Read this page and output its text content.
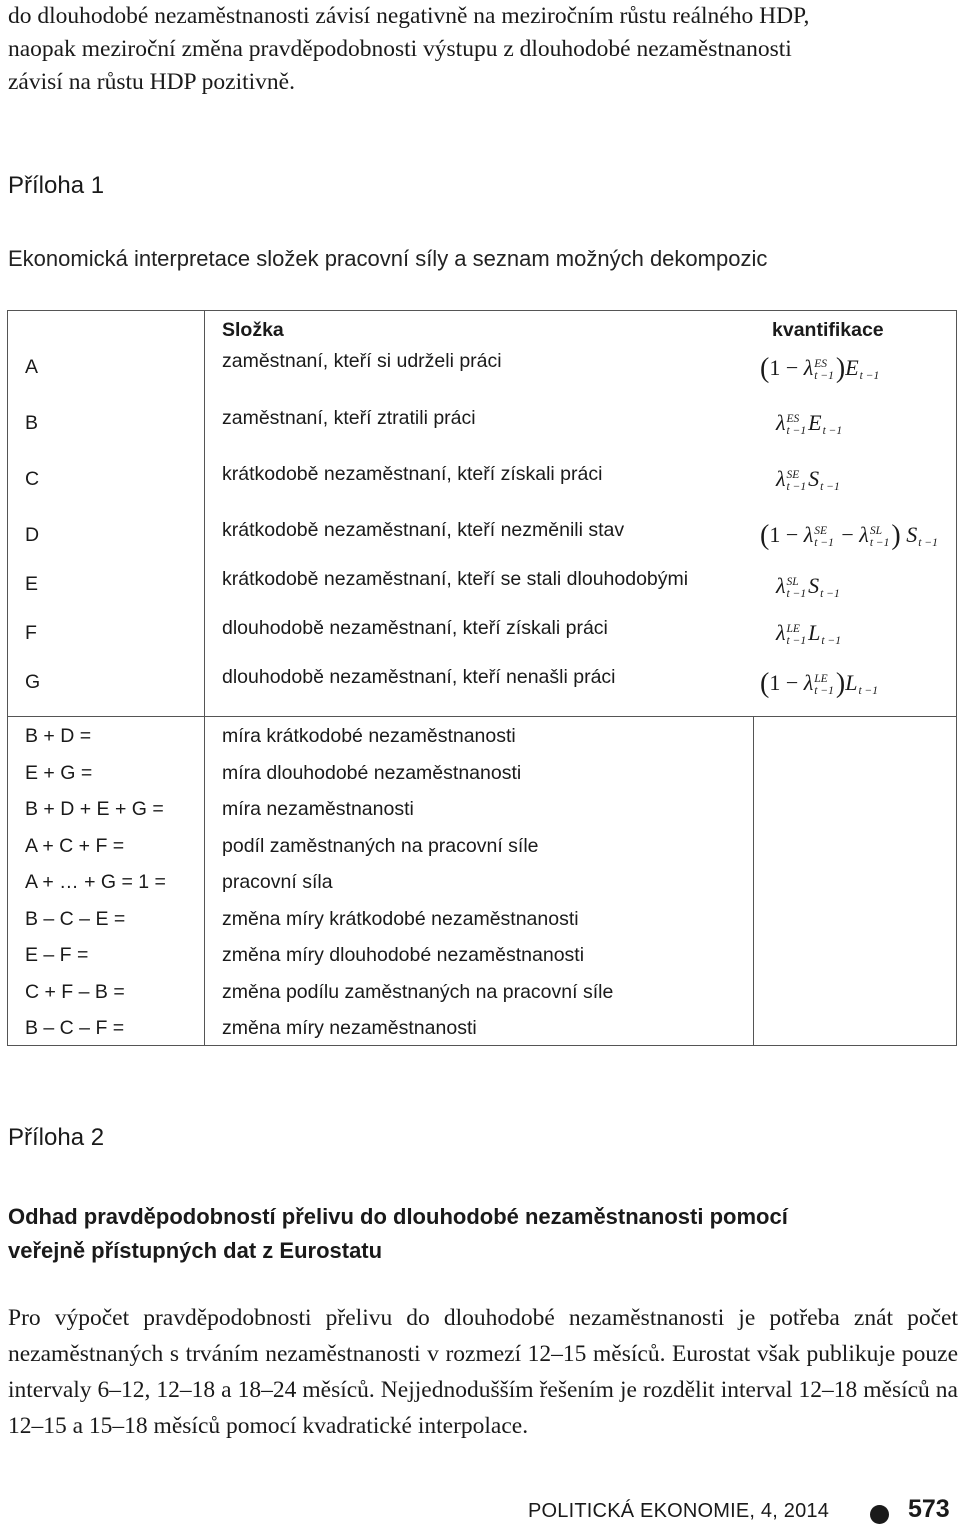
do dlouhodobé nezaměstnanosti závisí negativně na meziročním růstu reálného HDP,

naopak meziroční změna pravděpodobnosti výstupu z dlouhodobé nezaměstnanosti

závisí na růstu HDP pozitivně.

Příloha 1
Ekonomická interpretace složek pracovní síly a seznam možných dekompozic
Složka	kvantifikace
A	zaměstnaní, kteří si udrželi práci	(1 − λ ES
t −1 )E
t −1
B	zaměstnaní, kteří ztratili práci	λ ES
t −1 E
t −1
C	krátkodobě nezaměstnaní, kteří získali práci	λ SE
t −1 S
t −1
D	krátkodobě nezaměstnaní, kteří nezměnili stav	(1 − λ SE
t −1 − λ SL
t −1 ) S
t −1
E	krátkodobě nezaměstnaní, kteří se stali dlouhodobými	λ SL
t −1 S
t −1
F	dlouhodobě nezaměstnaní, kteří získali práci	λ LE
t −1 L
t −1
G	dlouhodobě nezaměstnaní, kteří nenašli práci	(1 − λ LE
t −1 )L
t −1
B + D =	míra krátkodobé nezaměstnanosti
E + G =	míra dlouhodobé nezaměstnanosti
B + D + E + G =	míra nezaměstnanosti
A + C + F =	podíl zaměstnaných na pracovní síle
A + … + G = 1 =	pracovní síla
B – C – E =	změna míry krátkodobé nezaměstnanosti
E – F =	změna míry dlouhodobé nezaměstnanosti
C + F – B =	změna podílu zaměstnaných na pracovní síle
B – C – F =	změna míry nezaměstnanosti
Příloha 2
Odhad pravděpodobností přelivu do dlouhodobé nezaměstnanosti pomocí
veřejně přístupných dat z Eurostatu
Pro výpočet pravděpodobnosti přelivu do dlouhodobé nezaměstnanosti je potřeba znát počet nezaměstnaných s trváním nezaměstnanosti v rozmezí 12–15 měsíců. Eurostat však publikuje pouze intervaly 6–12, 12–18 a 18–24 měsíců. Nejjednodušším řešením je rozdělit interval 12–18 měsíců na 12–15 a 15–18 měsíců pomocí kvadratické interpolace.
POLITICKÁ EKONOMIE, 4, 2014	573
